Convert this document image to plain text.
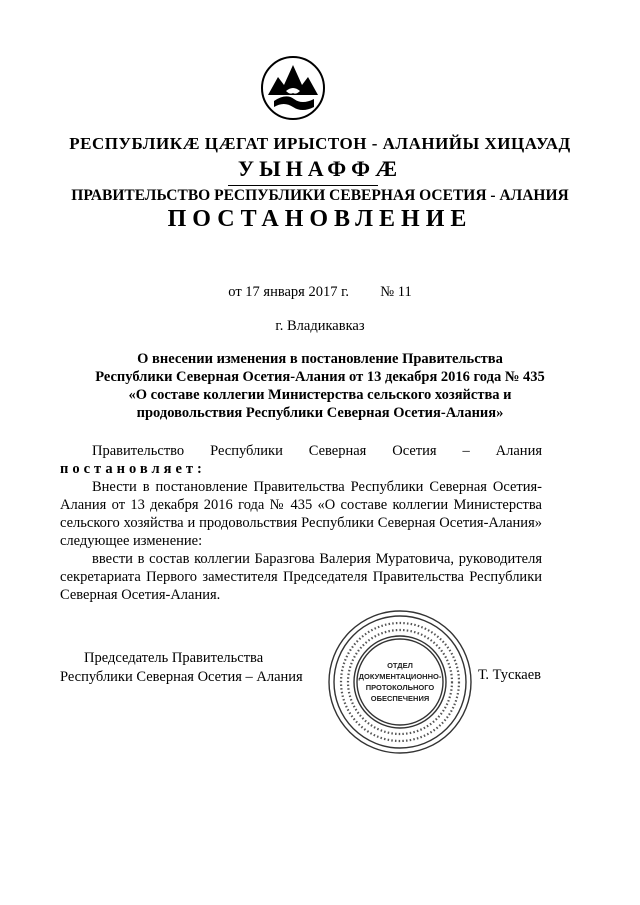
РЕСПУБЛИКӔ ЦӔГАТ ИРЫСТОН - АЛАНИЙЫ ХИЦАУАД
УЫНАФФӔ
ПРАВИТЕЛЬСТВО РЕСПУБЛИКИ СЕВЕРНАЯ ОСЕТИЯ - АЛАНИЯ
ПОСТАНОВЛЕНИЕ
от 17 января 2017 г. № 11
г. Владикавказ
О внесении изменения в постановление Правительства
Республики Северная Осетия-Алания от 13 декабря 2016 года № 435
«О составе коллегии Министерства сельского хозяйства и
продовольствия Республики Северная Осетия-Алания»

Правительство Республики Северная Осетия – Алания

постановляет:

Внести в постановление Правительства Республики Северная Осетия-Алания от 13 декабря 2016 года № 435 «О составе коллегии Министерства сельского хозяйства и продовольствия Республики Северная Осетия-Алания» следующее изменение:

ввести в состав коллегии Баразгова Валерия Муратовича, руководителя секретариата Первого заместителя Председателя Правительства Республики Северная Осетия-Алания.

Председатель Правительства
Республики Северная Осетия – Алания	Т. Тускаев
ОТДЕЛ
ДОКУМЕНТАЦИОННО-
ПРОТОКОЛЬНОГО
ОБЕСПЕЧЕНИЯ
